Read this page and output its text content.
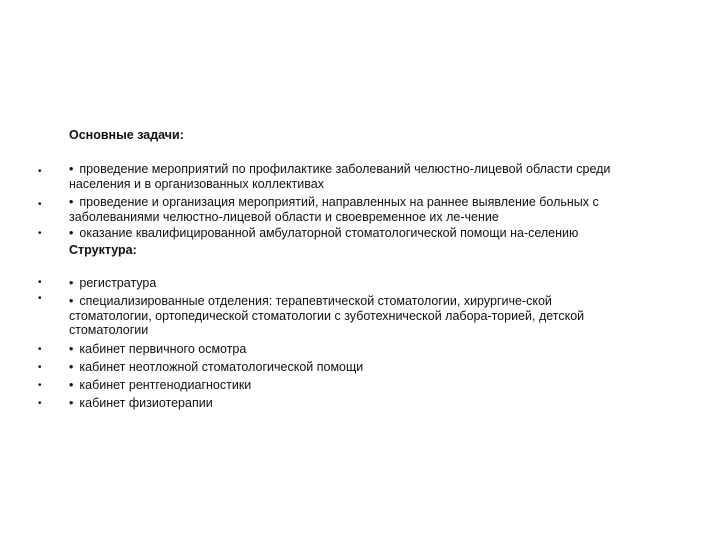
•
•
•
•
•
•
•
•
•
Основные задачи:
• проведение мероприятий по профилактике заболеваний челюстно-лицевой области среди
населения и в организованных коллективах
• проведение и организация мероприятий, направленных на раннее выявление больных с
заболеваниями челюстно-лицевой области и своевременное их ле-чение
• оказание квалифицированной амбулаторной стоматологической помощи на-селению
Структура:
• регистратура
• специализированные отделения: терапевтической стоматологии, хирургиче-ской
стоматологии, ортопедической стоматологии с зуботехнической лабора-торией, детской
стоматологии
• кабинет первичного осмотра
• кабинет неотложной стоматологической помощи
• кабинет рентгенодиагностики
• кабинет физиотерапии
